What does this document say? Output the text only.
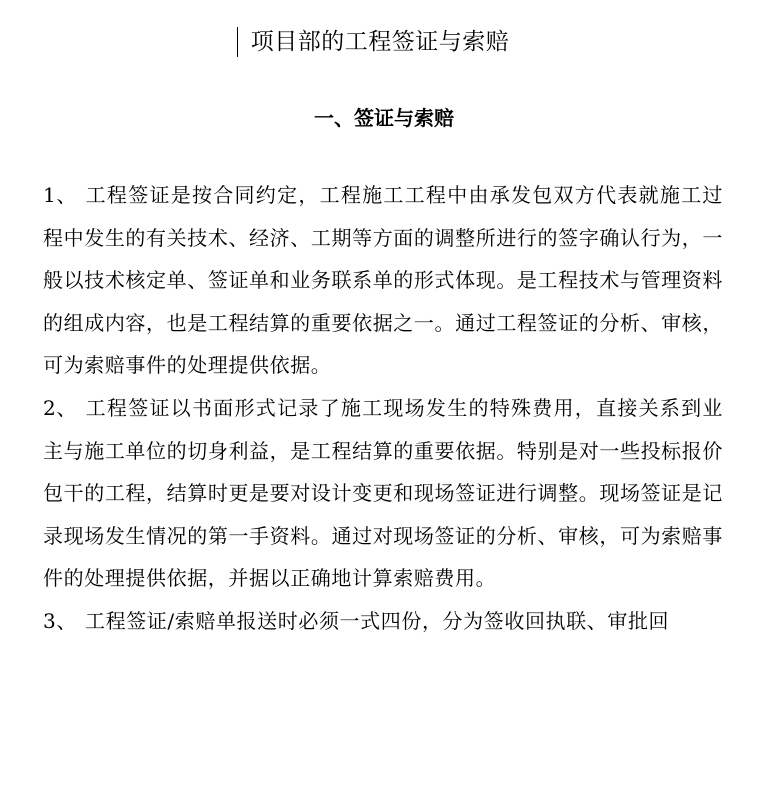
项目部的工程签证与索赔
一、签证与索赔

1、 工程签证是按合同约定，工程施工工程中由承发包双方代表就施工过程中发生的有关技术、经济、工期等方面的调整所进行的签字确认行为，一般以技术核定单、签证单和业务联系单的形式体现。是工程技术与管理资料的组成内容，也是工程结算的重要依据之一。通过工程签证的分析、审核，可为索赔事件的处理提供依据。

2、 工程签证以书面形式记录了施工现场发生的特殊费用，直接关系到业主与施工单位的切身利益，是工程结算的重要依据。特别是对一些投标报价包干的工程，结算时更是要对设计变更和现场签证进行调整。现场签证是记录现场发生情况的第一手资料。通过对现场签证的分析、审核，可为索赔事件的处理提供依据，并据以正确地计算索赔费用。

3、 工程签证/索赔单报送时必须一式四份，分为签收回执联、审批回
